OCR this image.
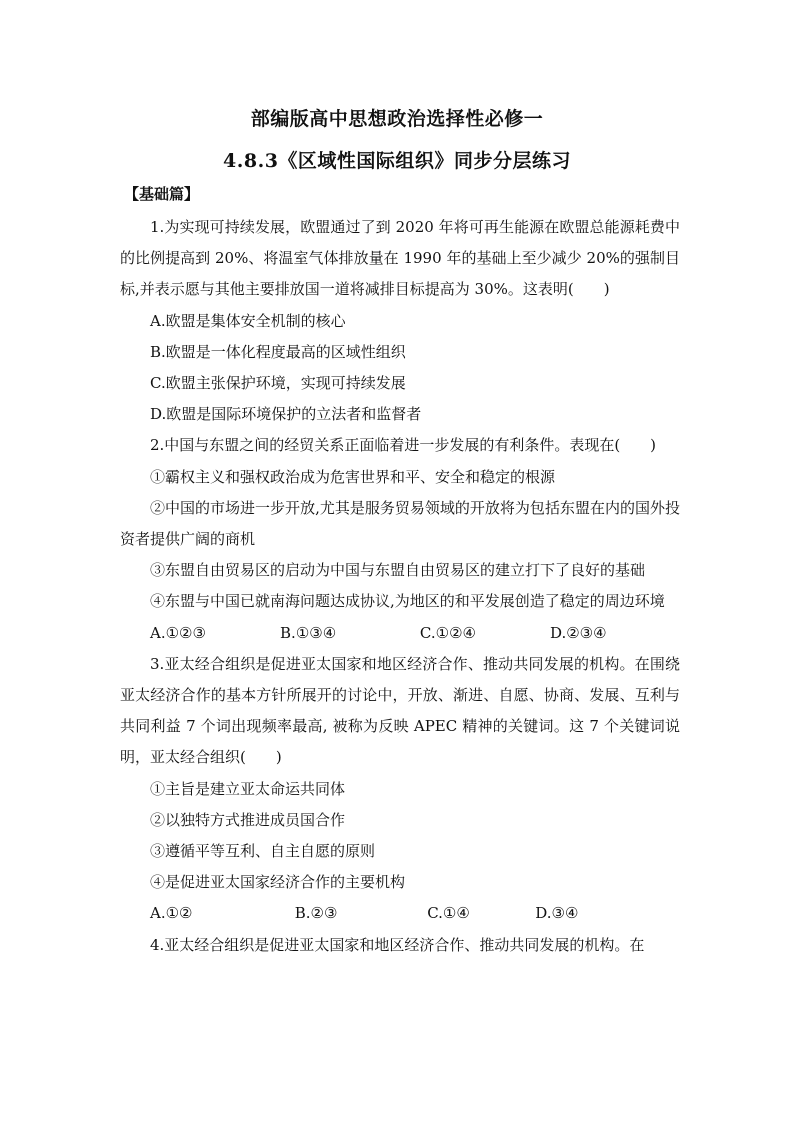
部编版高中思想政治选择性必修一
4.8.3《区域性国际组织》同步分层练习
【基础篇】

1.为实现可持续发展，欧盟通过了到 2020 年将可再生能源在欧盟总能源耗费中的比例提高到 20%、将温室气体排放量在 1990 年的基础上至少减少 20%的强制目标,并表示愿与其他主要排放国一道将减排目标提高为 30%。这表明(　　)

A.欧盟是集体安全机制的核心

B.欧盟是一体化程度最高的区域性组织

C.欧盟主张保护环境，实现可持续发展

D.欧盟是国际环境保护的立法者和监督者

2.中国与东盟之间的经贸关系正面临着进一步发展的有利条件。表现在(　　)

①霸权主义和强权政治成为危害世界和平、安全和稳定的根源

②中国的市场进一步开放,尤其是服务贸易领域的开放将为包括东盟在内的国外投资者提供广阔的商机

③东盟自由贸易区的启动为中国与东盟自由贸易区的建立打下了良好的基础

④东盟与中国已就南海问题达成协议,为地区的和平发展创造了稳定的周边环境

A.①②③	B.①③④	C.①②④	D.②③④

3.亚太经合组织是促进亚太国家和地区经济合作、推动共同发展的机构。在围绕亚太经济合作的基本方针所展开的讨论中，开放、渐进、自愿、协商、发展、互利与共同利益 7 个词出现频率最高, 被称为反映 APEC 精神的关键词。这 7 个关键词说明，亚太经合组织(　　)

①主旨是建立亚太命运共同体

②以独特方式推进成员国合作

③遵循平等互利、自主自愿的原则

④是促进亚太国家经济合作的主要机构

A.①②	B.②③	C.①④	D.③④

4.亚太经合组织是促进亚太国家和地区经济合作、推动共同发展的机构。在
